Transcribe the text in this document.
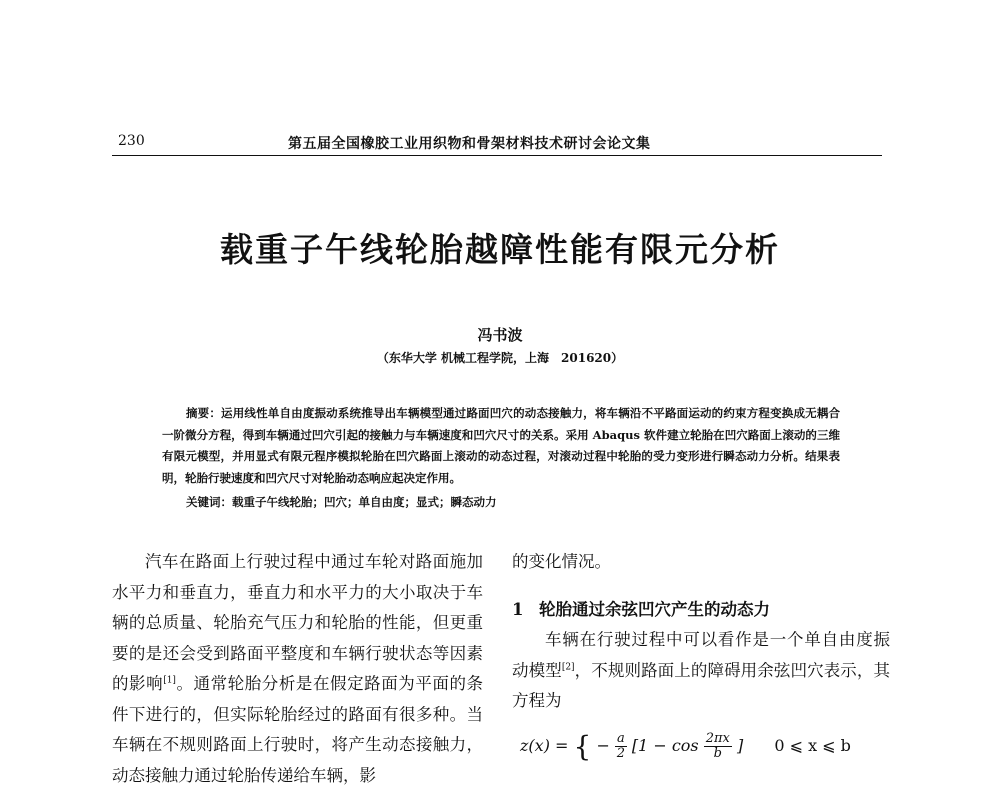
230	第五届全国橡胶工业用织物和骨架材料技术研讨会论文集
载重子午线轮胎越障性能有限元分析
冯书波
（东华大学 机械工程学院，上海　201620）
摘要：运用线性单自由度振动系统推导出车辆模型通过路面凹穴的动态接触力，将车辆沿不平路面运动的约束方程变换成无耦合一阶微分方程，得到车辆通过凹穴引起的接触力与车辆速度和凹穴尺寸的关系。采用 Abaqus 软件建立轮胎在凹穴路面上滚动的三维有限元模型，并用显式有限元程序模拟轮胎在凹穴路面上滚动的动态过程，对滚动过程中轮胎的受力变形进行瞬态动力分析。结果表明，轮胎行驶速度和凹穴尺寸对轮胎动态响应起决定作用。
关键词：载重子午线轮胎；凹穴；单自由度；显式；瞬态动力
汽车在路面上行驶过程中通过车轮对路面施加水平力和垂直力，垂直力和水平力的大小取决于车辆的总质量、轮胎充气压力和轮胎的性能，但更重要的是还会受到路面平整度和车辆行驶状态等因素的影响[1]。通常轮胎分析是在假定路面为平面的条件下进行的，但实际轮胎经过的路面有很多种。当车辆在不规则路面上行驶时，将产生动态接触力，动态接触力通过轮胎传递给车辆，影

的变化情况。

1 轮胎通过余弦凹穴产生的动态力

车辆在行驶过程中可以看作是一个单自由度振动模型[2]，不规则路面上的障碍用余弦凹穴表示，其方程为

z(x) = { − $\frac{a}{2} [1 - \cos \frac{2\pi x}{b}$ ] 0 ⩽ x ⩽ b
